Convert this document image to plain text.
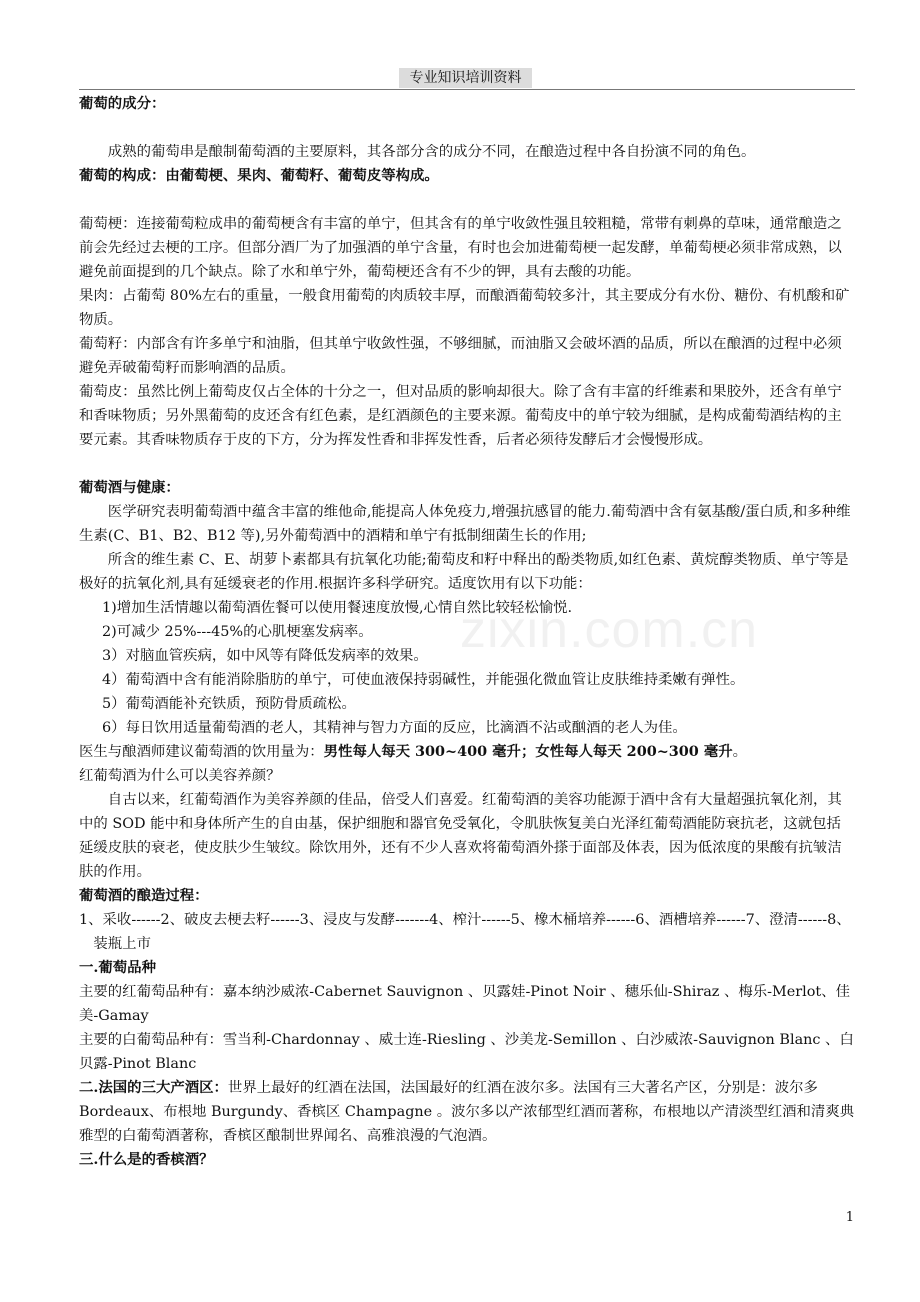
专业知识培训资料
zixin.com.cn

葡萄的成分：

成熟的葡萄串是酿制葡萄酒的主要原料，其各部分含的成分不同，在酿造过程中各自扮演不同的角色。

葡萄的构成：由葡萄梗、果肉、葡萄籽、葡萄皮等构成。

葡萄梗：连接葡萄粒成串的葡萄梗含有丰富的单宁，但其含有的单宁收敛性强且较粗糙，常带有刺鼻的草味，通常酿造之前会先经过去梗的工序。但部分酒厂为了加强酒的单宁含量，有时也会加进葡萄梗一起发酵，单葡萄梗必须非常成熟，以避免前面提到的几个缺点。除了水和单宁外，葡萄梗还含有不少的钾，具有去酸的功能。

果肉：占葡萄 80%左右的重量，一般食用葡萄的肉质较丰厚，而酿酒葡萄较多汁，其主要成分有水份、糖份、有机酸和矿物质。

葡萄籽：内部含有许多单宁和油脂，但其单宁收敛性强，不够细腻，而油脂又会破坏酒的品质，所以在酿酒的过程中必须避免弄破葡萄籽而影响酒的品质。

葡萄皮：虽然比例上葡萄皮仅占全体的十分之一，但对品质的影响却很大。除了含有丰富的纤维素和果胶外，还含有单宁和香味物质；另外黑葡萄的皮还含有红色素，是红酒颜色的主要来源。葡萄皮中的单宁较为细腻，是构成葡萄酒结构的主要元素。其香味物质存于皮的下方，分为挥发性香和非挥发性香，后者必须待发酵后才会慢慢形成。

葡萄酒与健康：

医学研究表明葡萄酒中蕴含丰富的维他命,能提高人体免疫力,增强抗感冒的能力.葡萄酒中含有氨基酸/蛋白质,和多种维生素(C、B1、B2、B12 等),另外葡萄酒中的酒精和单宁有抵制细菌生长的作用;

所含的维生素 C、E、胡萝卜素都具有抗氧化功能;葡萄皮和籽中释出的酚类物质,如红色素、黄烷醇类物质、单宁等是极好的抗氧化剂,具有延缓衰老的作用.根据许多科学研究。适度饮用有以下功能：

1)增加生活情趣以葡萄酒佐餐可以使用餐速度放慢,心情自然比较轻松愉悦.

2)可减少 25%---45%的心肌梗塞发病率。

3）对脑血管疾病，如中风等有降低发病率的效果。

4）葡萄酒中含有能消除脂肪的单宁，可使血液保持弱碱性，并能强化微血管让皮肤维持柔嫩有弹性。

5）葡萄酒能补充铁质，预防骨质疏松。

6）每日饮用适量葡萄酒的老人，其精神与智力方面的反应，比滴酒不沾或酗酒的老人为佳。

医生与酿酒师建议葡萄酒的饮用量为：男性每人每天 300~400 毫升；女性每人每天 200~300 毫升。

红葡萄酒为什么可以美容养颜？

自古以来，红葡萄酒作为美容养颜的佳品，倍受人们喜爱。红葡萄酒的美容功能源于酒中含有大量超强抗氧化剂，其中的 SOD 能中和身体所产生的自由基，保护细胞和器官免受氧化，令肌肤恢复美白光泽红葡萄酒能防衰抗老，这就包括延缓皮肤的衰老，使皮肤少生皱纹。除饮用外，还有不少人喜欢将葡萄酒外搽于面部及体表，因为低浓度的果酸有抗皱洁肤的作用。

葡萄酒的酿造过程：

1、采收------2、破皮去梗去籽------3、浸皮与发酵-------4、榨汁------5、橡木桶培养------6、酒槽培养------7、澄清------8、装瓶上市

一.葡萄品种

主要的红葡萄品种有：嘉本纳沙威浓-Cabernet Sauvignon 、贝露娃-Pinot Noir 、穗乐仙-Shiraz 、梅乐-Merlot、佳美-Gamay

主要的白葡萄品种有：雪当利-Chardonnay 、威士连-Riesling 、沙美龙-Semillon 、白沙威浓-Sauvignon Blanc 、白贝露-Pinot Blanc

二.法国的三大产酒区：世界上最好的红酒在法国，法国最好的红酒在波尔多。法国有三大著名产区，分别是：波尔多 Bordeaux、布根地 Burgundy、香槟区 Champagne 。波尔多以产浓郁型红酒而著称，布根地以产清淡型红酒和清爽典雅型的白葡萄酒著称，香槟区酿制世界闻名、高雅浪漫的气泡酒。

三.什么是的香槟酒？

1
